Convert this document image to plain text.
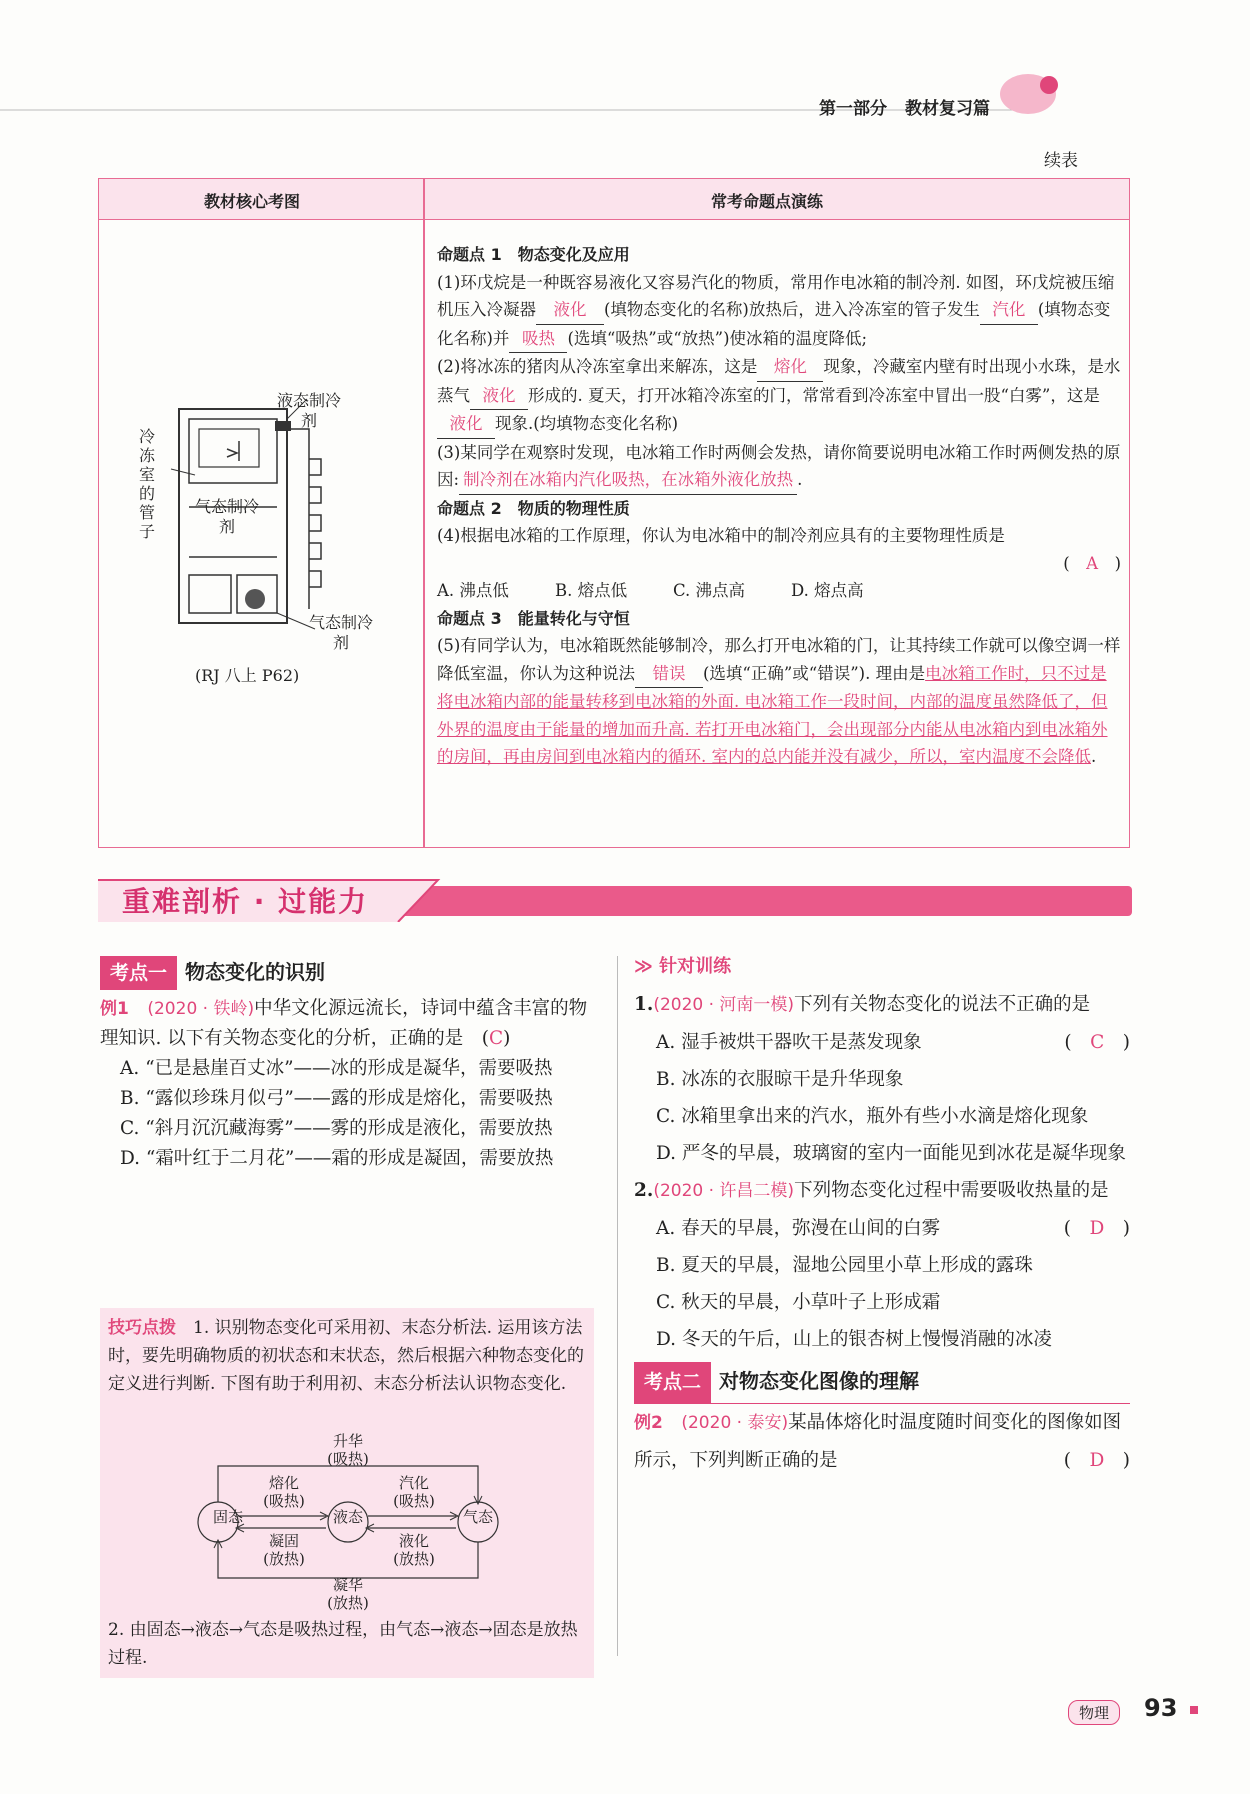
第一部分 教材复习篇
续表
教材核心考图	常考命题点演练
液态制冷剂
冷冻室的管子
气态制冷剂
气态制冷剂
(RJ 八上 P62)

命题点 1　物态变化及应用

(1)环戊烷是一种既容易液化又容易汽化的物质，常用作电冰箱的制冷剂. 如图，环戊烷被压缩机压入冷凝器 液化 (填物态变化的名称)放热后，进入冷冻室的管子发生 汽化 (填物态变化名称)并 吸热 (选填“吸热”或“放热”)使冰箱的温度降低;

(2)将冰冻的猪肉从冷冻室拿出来解冻，这是 熔化 现象，冷藏室内壁有时出现小水珠，是水蒸气 液化 形成的. 夏天，打开冰箱冷冻室的门，常常看到冷冻室中冒出一股“白雾”，这是液化 现象.(均填物态变化名称)

(3)某同学在观察时发现，电冰箱工作时两侧会发热，请你简要说明电冰箱工作时两侧发热的原因: 制冷剂在冰箱内汽化吸热，在冰箱外液化放热 .

命题点 2　物质的物理性质

(4)根据电冰箱的工作原理，你认为电冰箱中的制冷剂应具有的主要物理性质是

(　A　)

A. 沸点低	B. 熔点低	C. 沸点高	D. 熔点高

命题点 3　能量转化与守恒

(5)有同学认为，电冰箱既然能够制冷，那么打开电冰箱的门，让其持续工作就可以像空调一样降低室温，你认为这种说法 错误 (选填“正确”或“错误”). 理由是电冰箱工作时，只不过是将电冰箱内部的能量转移到电冰箱的外面. 电冰箱工作一段时间，内部的温度虽然降低了，但外界的温度由于能量的增加而升高. 若打开电冰箱门，会出现部分内能从电冰箱内到电冰箱外的房间，再由房间到电冰箱内的循环. 室内的总内能并没有减少，所以，室内温度不会降低.

重难剖析 · 过能力

考点一 物态变化的识别

例1　 (2020 · 铁岭)中华文化源远流长，诗词中蕴含丰富的物理知识. 以下有关物态变化的分析，正确的是　(C)

A. “已是悬崖百丈冰”——冰的形成是凝华，需要吸热

B. “露似珍珠月似弓”——露的形成是熔化，需要吸热

C. “斜月沉沉藏海雾”——雾的形成是液化，需要放热

D. “霜叶红于二月花”——霜的形成是凝固，需要放热

技巧点拨　 1. 识别物态变化可采用初、末态分析法. 运用该方法时，要先明确物质的初状态和末状态，然后根据六种物态变化的定义进行判断. 下图有助于利用初、末态分析法认识物态变化.

固态	液态	气态
升华
(吸热)
熔化
(吸热)
凝固
(放热)
汽化
(吸热)
液化
(放热)
凝华
(放热)
2. 由固态→液态→气态是吸热过程，由气态→液态→固态是放热过程.

≫ 针对训练

1.(2020 · 河南一模)下列有关物态变化的说法不正确的是
(　C　)

A. 湿手被烘干器吹干是蒸发现象

B. 冰冻的衣服晾干是升华现象

C. 冰箱里拿出来的汽水，瓶外有些小水滴是熔化现象

D. 严冬的早晨，玻璃窗的室内一面能见到冰花是凝华现象

2.(2020 · 许昌二模)下列物态变化过程中需要吸收热量的是
(　D　)

A. 春天的早晨，弥漫在山间的白雾

B. 夏天的早晨，湿地公园里小草上形成的露珠

C. 秋天的早晨，小草叶子上形成霜

D. 冬天的午后，山上的银杏树上慢慢消融的冰凌

考点二 对物态变化图像的理解

例2　 (2020 · 泰安)某晶体熔化时温度随时间变化的图像如图所示，下列判断正确的是	(　D　)

物理	93
